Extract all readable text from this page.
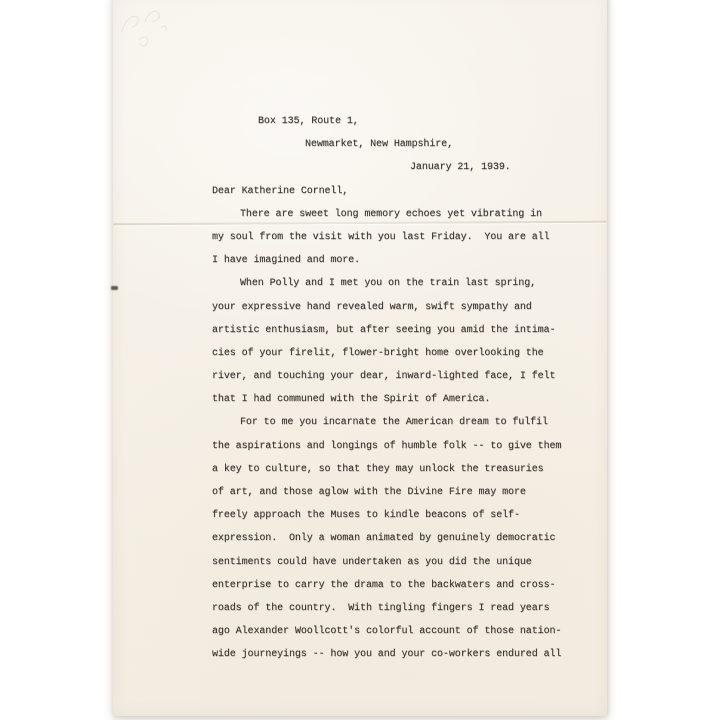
Box 135, Route 1,
Newmarket, New Hampshire,
January 21, 1939.
Dear Katherine Cornell,
There are sweet long memory echoes yet vibrating in
my soul from the visit with you last Friday.  You are all
I have imagined and more.
When Polly and I met you on the train last spring,
your expressive hand revealed warm, swift sympathy and
artistic enthusiasm, but after seeing you amid the intima-
cies of your firelit, flower-bright home overlooking the
river, and touching your dear, inward-lighted face, I felt
that I had communed with the Spirit of America.
For to me you incarnate the American dream to fulfil
the aspirations and longings of humble folk -- to give them
a key to culture, so that they may unlock the treasuries
of art, and those aglow with the Divine Fire may more
freely approach the Muses to kindle beacons of self-
expression.  Only a woman animated by genuinely democratic
sentiments could have undertaken as you did the unique
enterprise to carry the drama to the backwaters and cross-
roads of the country.  With tingling fingers I read years
ago Alexander Woollcott's colorful account of those nation-
wide journeyings -- how you and your co-workers endured all
